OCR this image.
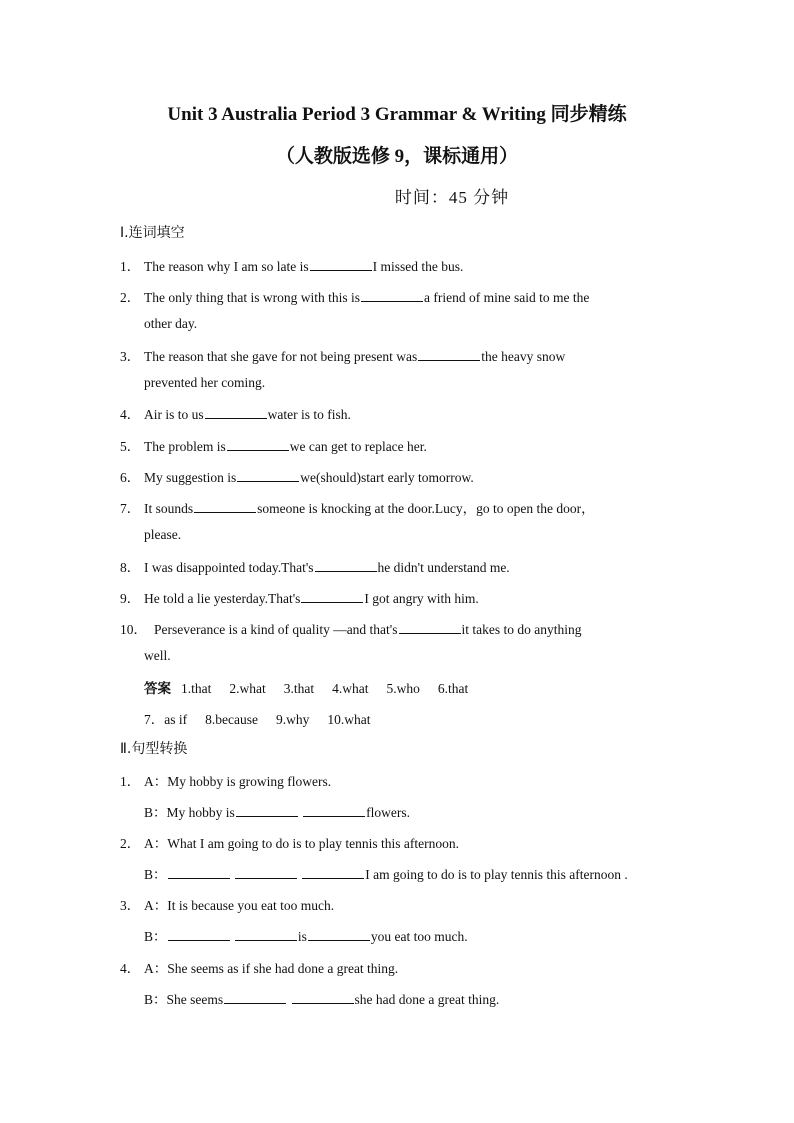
Unit 3 Australia Period 3 Grammar & Writing 同步精练
（人教版选修 9，课标通用）
时间：45 分钟
Ⅰ.连词填空
1． The reason why I am so late is	I missed the bus.
2． The only thing that is wrong with this is	a friend of mine said to me the
other day.
3． The reason that she gave for not being present was	the heavy snow
prevented her coming.
4． Air is to us	water is to fish.
5． The problem is	we can get to replace her.
6． My suggestion is	we(should)start early tomorrow.
7． It sounds	someone is knocking at the door.Lucy，go to open the door，
please.
8． I was disappointed today.That's	he didn't understand me.
9． He told a lie yesterday.That's	I got angry with him.
10． Perseverance is a kind of quality —and that's	it takes to do anything
well.
答案 1.that 2.what 3.that 4.what 5.who 6.that
7．as if 8.because 9.why 10.what
Ⅱ.句型转换
1． A：My hobby is growing flowers.
B：My hobby is	flowers.
2． A：What I am going to do is to play tennis this afternoon.
B：	I am going to do is to play tennis this afternoon .
3． A：It is because you eat too much.
B：	is	you eat too much.
4． A：She seems as if she had done a great thing.
B：She seems	she had done a great thing.
